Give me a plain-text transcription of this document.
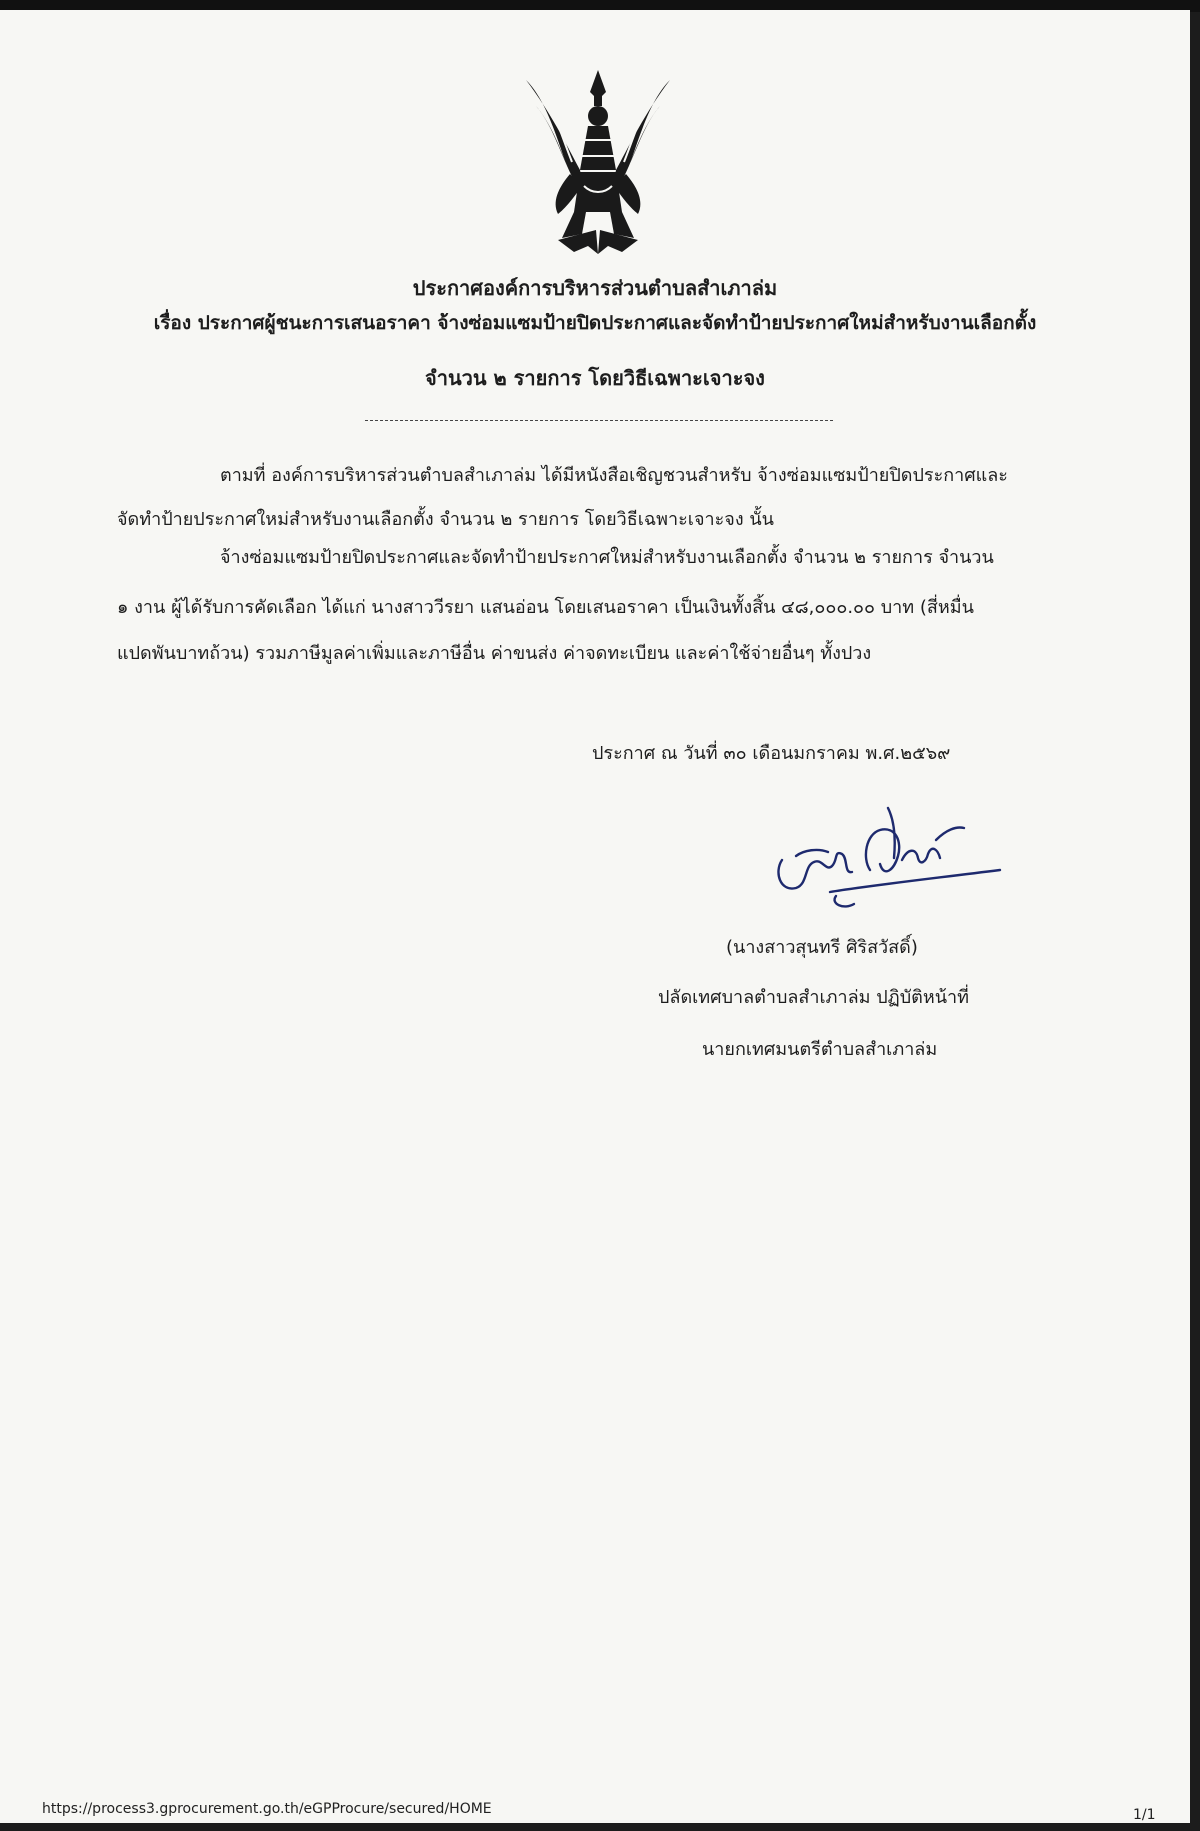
ประกาศองค์การบริหารส่วนตำบลสำเภาล่ม
เรื่อง ประกาศผู้ชนะการเสนอราคา จ้างซ่อมแซมป้ายปิดประกาศและจัดทำป้ายประกาศใหม่สำหรับงานเลือกตั้ง
จำนวน ๒ รายการ โดยวิธีเฉพาะเจาะจง
ตามที่ องค์การบริหารส่วนตำบลสำเภาล่ม ได้มีหนังสือเชิญชวนสำหรับ จ้างซ่อมแซมป้ายปิดประกาศและ
จัดทำป้ายประกาศใหม่สำหรับงานเลือกตั้ง จำนวน ๒ รายการ โดยวิธีเฉพาะเจาะจง นั้น
จ้างซ่อมแซมป้ายปิดประกาศและจัดทำป้ายประกาศใหม่สำหรับงานเลือกตั้ง จำนวน ๒ รายการ จำนวน
๑ งาน ผู้ได้รับการคัดเลือก ได้แก่ นางสาววีรยา แสนอ่อน โดยเสนอราคา เป็นเงินทั้งสิ้น ๔๘,๐๐๐.๐๐ บาท (สี่หมื่น
แปดพันบาทถ้วน) รวมภาษีมูลค่าเพิ่มและภาษีอื่น ค่าขนส่ง ค่าจดทะเบียน และค่าใช้จ่ายอื่นๆ ทั้งปวง
ประกาศ ณ วันที่ ๓๐ เดือนมกราคม พ.ศ.๒๕๖๙
(นางสาวสุนทรี ศิริสวัสดิ์)
ปลัดเทศบาลตำบลสำเภาล่ม ปฏิบัติหน้าที่
นายกเทศมนตรีตำบลสำเภาล่ม
https://process3.gprocurement.go.th/eGPProcure/secured/HOME	1/1
